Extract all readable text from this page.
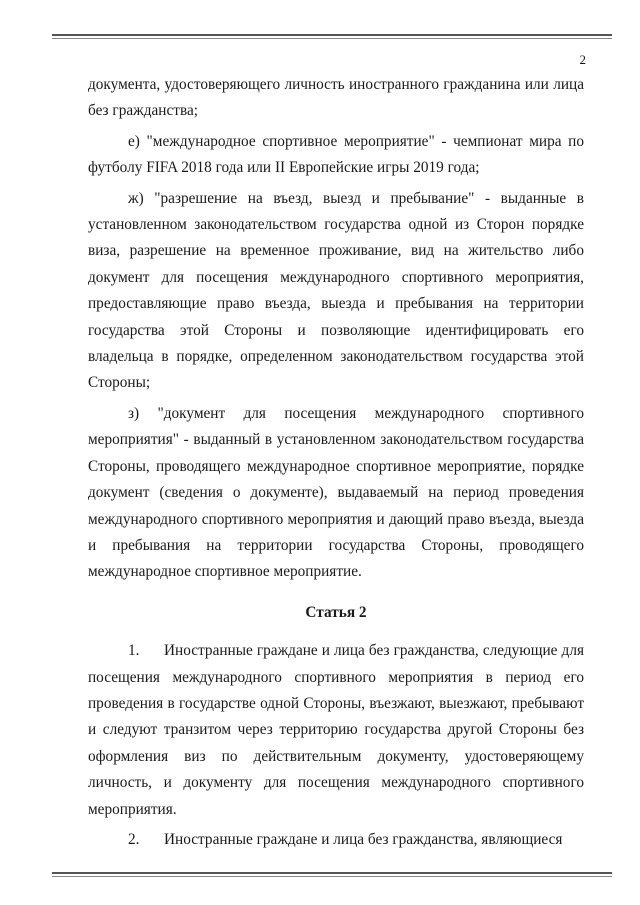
2

документа, удостоверяющего личность иностранного гражданина или лица без гражданства;

е) "международное спортивное мероприятие" - чемпионат мира по футболу FIFA 2018 года или II Европейские игры 2019 года;

ж) "разрешение на въезд, выезд и пребывание" - выданные в установленном законодательством государства одной из Сторон порядке виза, разрешение на временное проживание, вид на жительство либо документ для посещения международного спортивного мероприятия, предоставляющие право въезда, выезда и пребывания на территории государства этой Стороны и позволяющие идентифицировать его владельца в порядке, определенном законодательством государства этой Стороны;

з) "документ для посещения международного спортивного мероприятия" - выданный в установленном законодательством государства Стороны, проводящего международное спортивное мероприятие, порядке документ (сведения о документе), выдаваемый на период проведения международного спортивного мероприятия и дающий право въезда, выезда и пребывания на территории государства Стороны, проводящего международное спортивное мероприятие.

Статья 2

1. Иностранные граждане и лица без гражданства, следующие для посещения международного спортивного мероприятия в период его проведения в государстве одной Стороны, въезжают, выезжают, пребывают и следуют транзитом через территорию государства другой Стороны без оформления виз по действительным документу, удостоверяющему личность, и документу для посещения международного спортивного мероприятия.

2. Иностранные граждане и лица без гражданства, являющиеся
